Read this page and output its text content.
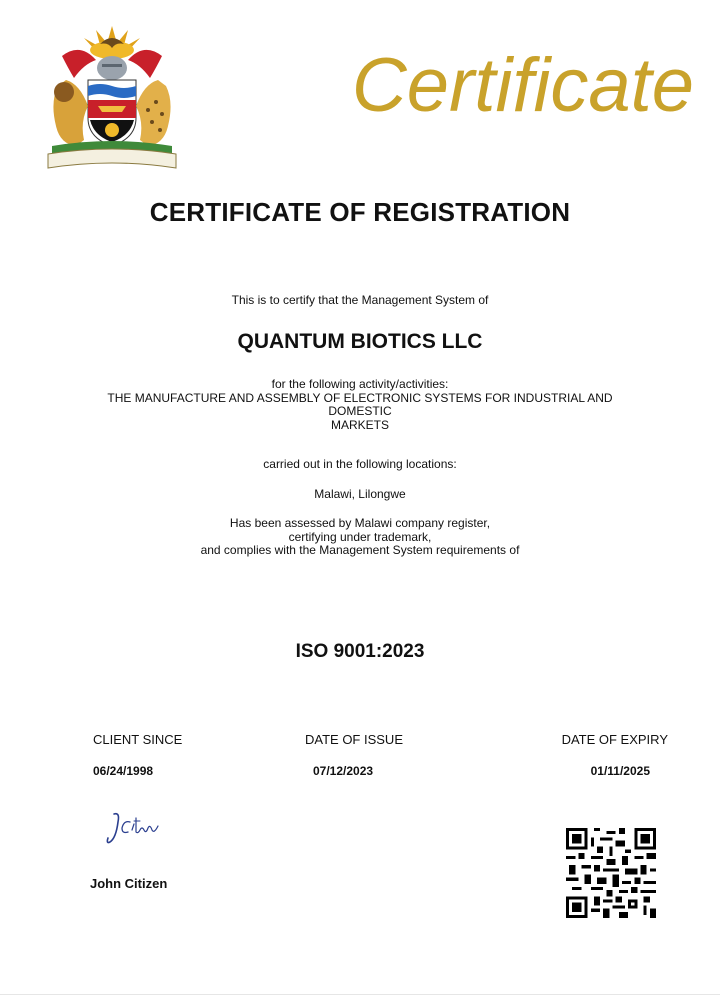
Certificate
CERTIFICATE OF REGISTRATION
This is to certify that the Management System of
QUANTUM BIOTICS LLC
for the following activity/activities:
THE MANUFACTURE AND ASSEMBLY OF ELECTRONIC SYSTEMS FOR INDUSTRIAL AND
DOMESTIC
MARKETS
carried out in the following locations:
Malawi, Lilongwe
Has been assessed by Malawi company register,
certifying under trademark,
and complies with the Management System requirements of
ISO 9001:2023
CLIENT SINCE
06/24/1998
DATE OF ISSUE
07/12/2023
DATE OF EXPIRY
01/11/2025
John Citizen
